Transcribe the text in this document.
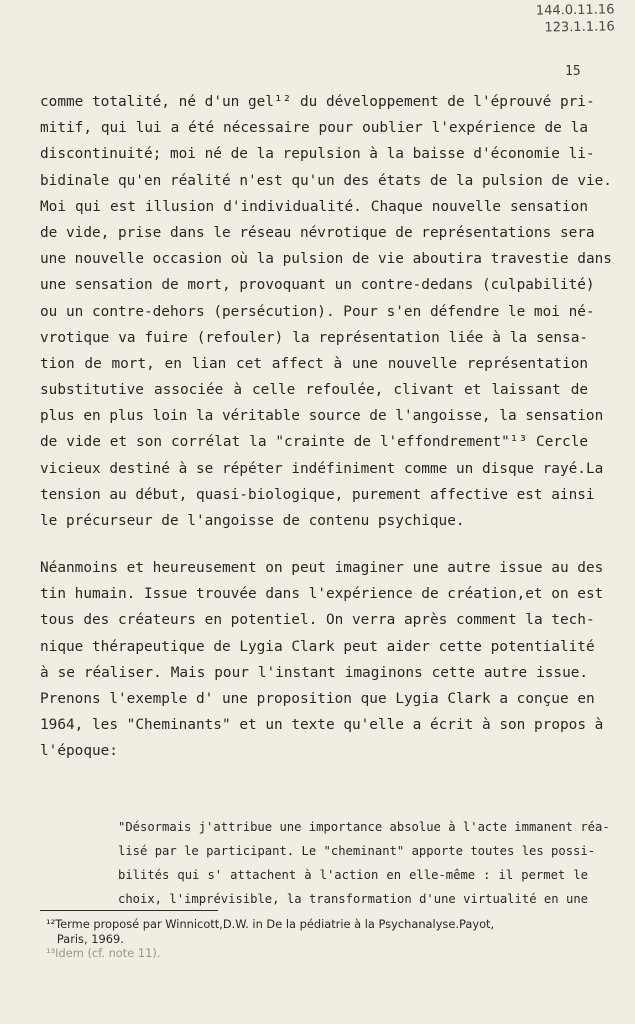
144.0.11.16
123.1.1.16
15
comme
totalité,
né
d'un
gel¹²
du
développement
de
l'éprouvé
pri-
mitif,
qui
lui
a
été
nécessaire
pour
oublier
l'expérience
de
la
discontinuité;
moi
né
de
la
repulsion
à
la
baisse
d'économie
li-
bidinale
qu'en
réalité
n'est
qu'un
des
états
de
la
pulsion
de
vie.
Moi
qui
est
illusion
d'individualité.
Chaque
nouvelle
sensation
de
vide,
prise
dans
le
réseau
névrotique
de
représentations
sera
une
nouvelle
occasion
où
la
pulsion
de
vie
aboutira
travestie
dans
une
sensation
de
mort,
provoquant
un
contre-dedans
(culpabilité)
ou
un
contre-dehors
(persécution).
Pour
s'en
défendre
le
moi
né-
vrotique
va
fuire
(refouler)
la
représentation
liée
à
la
sensa-
tion
de
mort,
en
lian
cet
affect
à
une
nouvelle
représentation
substitutive
associée
à
celle
refoulée,
clivant
et
laissant
de
plus
en
plus
loin
la
véritable
source
de
l'angoisse,
la
sensation
de
vide
et
son
corrélat
la
"crainte
de
l'effondrement"¹³
Cercle
vicieux
destiné
à
se
répéter
indéfiniment
comme
un
disque
rayé.La
tension
au
début,
quasi-biologique,
purement
affective
est
ainsi
le précurseur de l'angoisse de contenu psychique.
Néanmoins
et
heureusement
on
peut
imaginer
une
autre
issue
au
des
tin
humain.
Issue
trouvée
dans
l'expérience
de
création,et
on
est
tous
des
créateurs
en
potentiel.
On
verra
après
comment
la
tech-
nique
thérapeutique
de
Lygia
Clark
peut
aider
cette
potentialité
à
se
réaliser.
Mais
pour
l'instant
imaginons
cette
autre
issue.
Prenons
l'exemple
d'
une
proposition
que
Lygia
Clark
a
conçue
en
1964,
les
"Cheminants"
et
un
texte
qu'elle
a
écrit
à
son
propos
à
l'époque:
"Désormais
j'attribue
une
importance
absolue
à
l'acte
immanent
réa-
lisé
par
le
participant.
Le
"cheminant"
apporte
toutes
les
possi-
bilités
qui
s'
attachent
à
l'action
en
elle-même
:
il
permet
le
choix,
l'imprévisible,
la
transformation
d'une
virtualité
en
une
¹²Terme proposé par Winnicott,D.W. in De la pédiatrie à la Psychanalyse.Payot,
Paris, 1969.
¹³Idem (cf. note 11).
